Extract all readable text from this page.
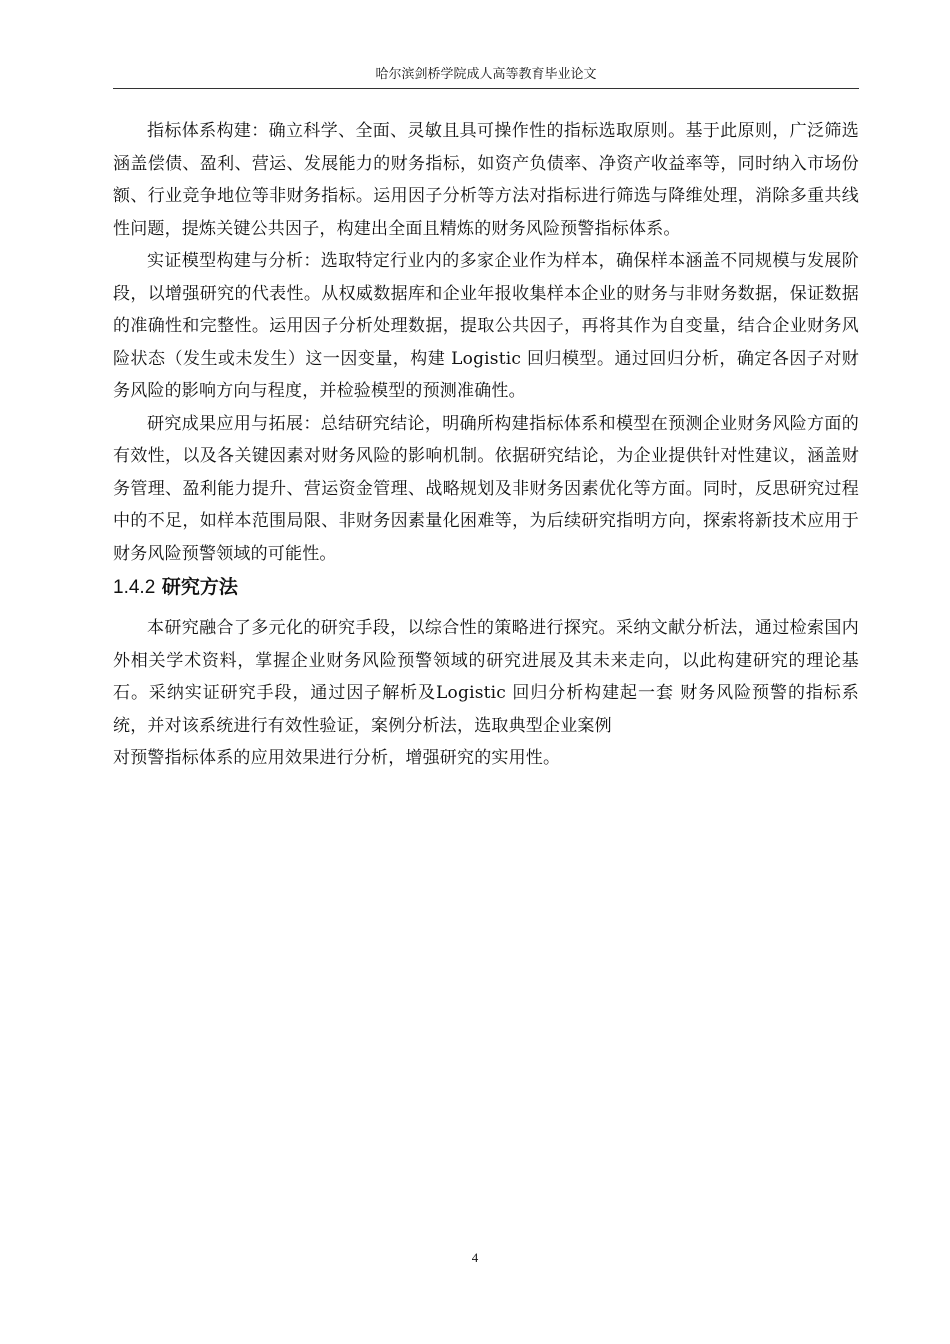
哈尔滨剑桥学院成人高等教育毕业论文

指标体系构建：确立科学、全面、灵敏且具可操作性的指标选取原则。基于此原则，广泛筛选涵盖偿债、盈利、营运、发展能力的财务指标，如资产负债率、净资产收益率等，同时纳入市场份额、行业竞争地位等非财务指标。运用因子分析等方法对指标进行筛选与降维处理，消除多重共线性问题，提炼关键公共因子，构建出全面且精炼的财务风险预警指标体系。

实证模型构建与分析：选取特定行业内的多家企业作为样本，确保样本涵盖不同规模与发展阶段，以增强研究的代表性。从权威数据库和企业年报收集样本企业的财务与非财务数据，保证数据的准确性和完整性。运用因子分析处理数据，提取公共因子，再将其作为自变量，结合企业财务风险状态（发生或未发生）这一因变量，构建 Logistic 回归模型。通过回归分析，确定各因子对财务风险的影响方向与程度，并检验模型的预测准确性。

研究成果应用与拓展：总结研究结论，明确所构建指标体系和模型在预测企业财务风险方面的有效性，以及各关键因素对财务风险的影响机制。依据研究结论，为企业提供针对性建议，涵盖财务管理、盈利能力提升、营运资金管理、战略规划及非财务因素优化等方面。同时，反思研究过程中的不足，如样本范围局限、非财务因素量化困难等，为后续研究指明方向，探索将新技术应用于财务风险预警领域的可能性。

1.4.2 研究方法

本研究融合了多元化的研究手段，以综合性的策略进行探究。采纳文献分析法，通过检索国内外相关学术资料，掌握企业财务风险预警领域的研究进展及其未来走向，以此构建研究的理论基石。采纳实证研究手段，通过因子解析及Logistic 回归分析构建起一套 财务风险预警的指标系统，并对该系统进行有效性验证，案例分析法，选取典型企业案例

对预警指标体系的应用效果进行分析，增强研究的实用性。

4
